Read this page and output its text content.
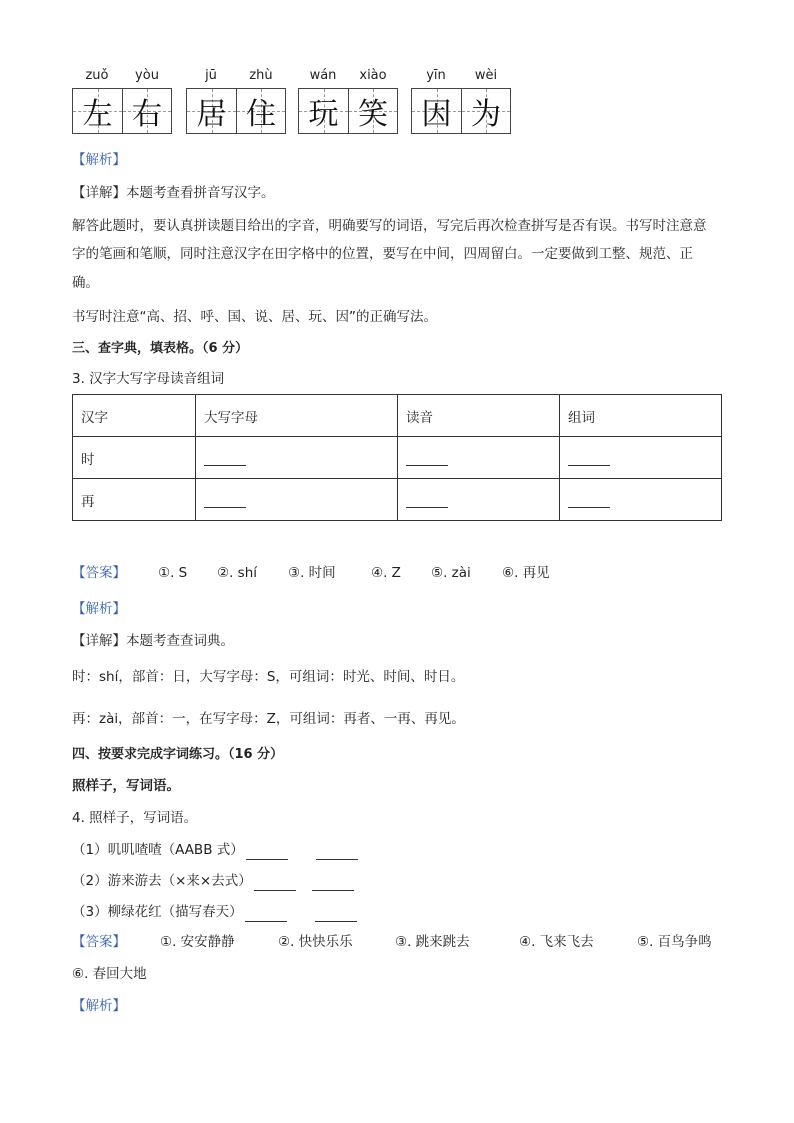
zuǒ	yòu
左 右
jū	zhù
居 住
wán	xiào
玩 笑
yīn	wèi
因 为
【解析】
【详解】本题考查看拼音写汉字。
解答此题时，要认真拼读题目给出的字音，明确要写的词语，写完后再次检查拼写是否有误。书写时注意意
字的笔画和笔顺，同时注意汉字在田字格中的位置，要写在中间，四周留白。一定要做到工整、规范、正
确。
书写时注意“高、招、呼、国、说、居、玩、因”的正确写法。
三、查字典，填表格。（6 分）
3. 汉字大写字母读音组词
汉字	大写字母	读音	组词
时			
再			
【答案】 ①. S ②. shí ③. 时间	④. Z ⑤. zài ⑥. 再见
【解析】
【详解】本题考查查词典。
时：shí，部首：日，大写字母：S，可组词：时光、时间、时日。
再：zài，部首：一，在写字母：Z，可组词：再者、一再、再见。
四、按要求完成字词练习。（16 分）
照样子，写词语。
4. 照样子，写词语。
（1）叽叽喳喳（AABB 式）
（2）游来游去（×来×去式）
（3）柳绿花红（描写春天）
【答案】	①. 安安静静	②. 快快乐乐	③. 跳来跳去	④. 飞来飞去	⑤. 百鸟争鸣
⑥. 春回大地
【解析】
